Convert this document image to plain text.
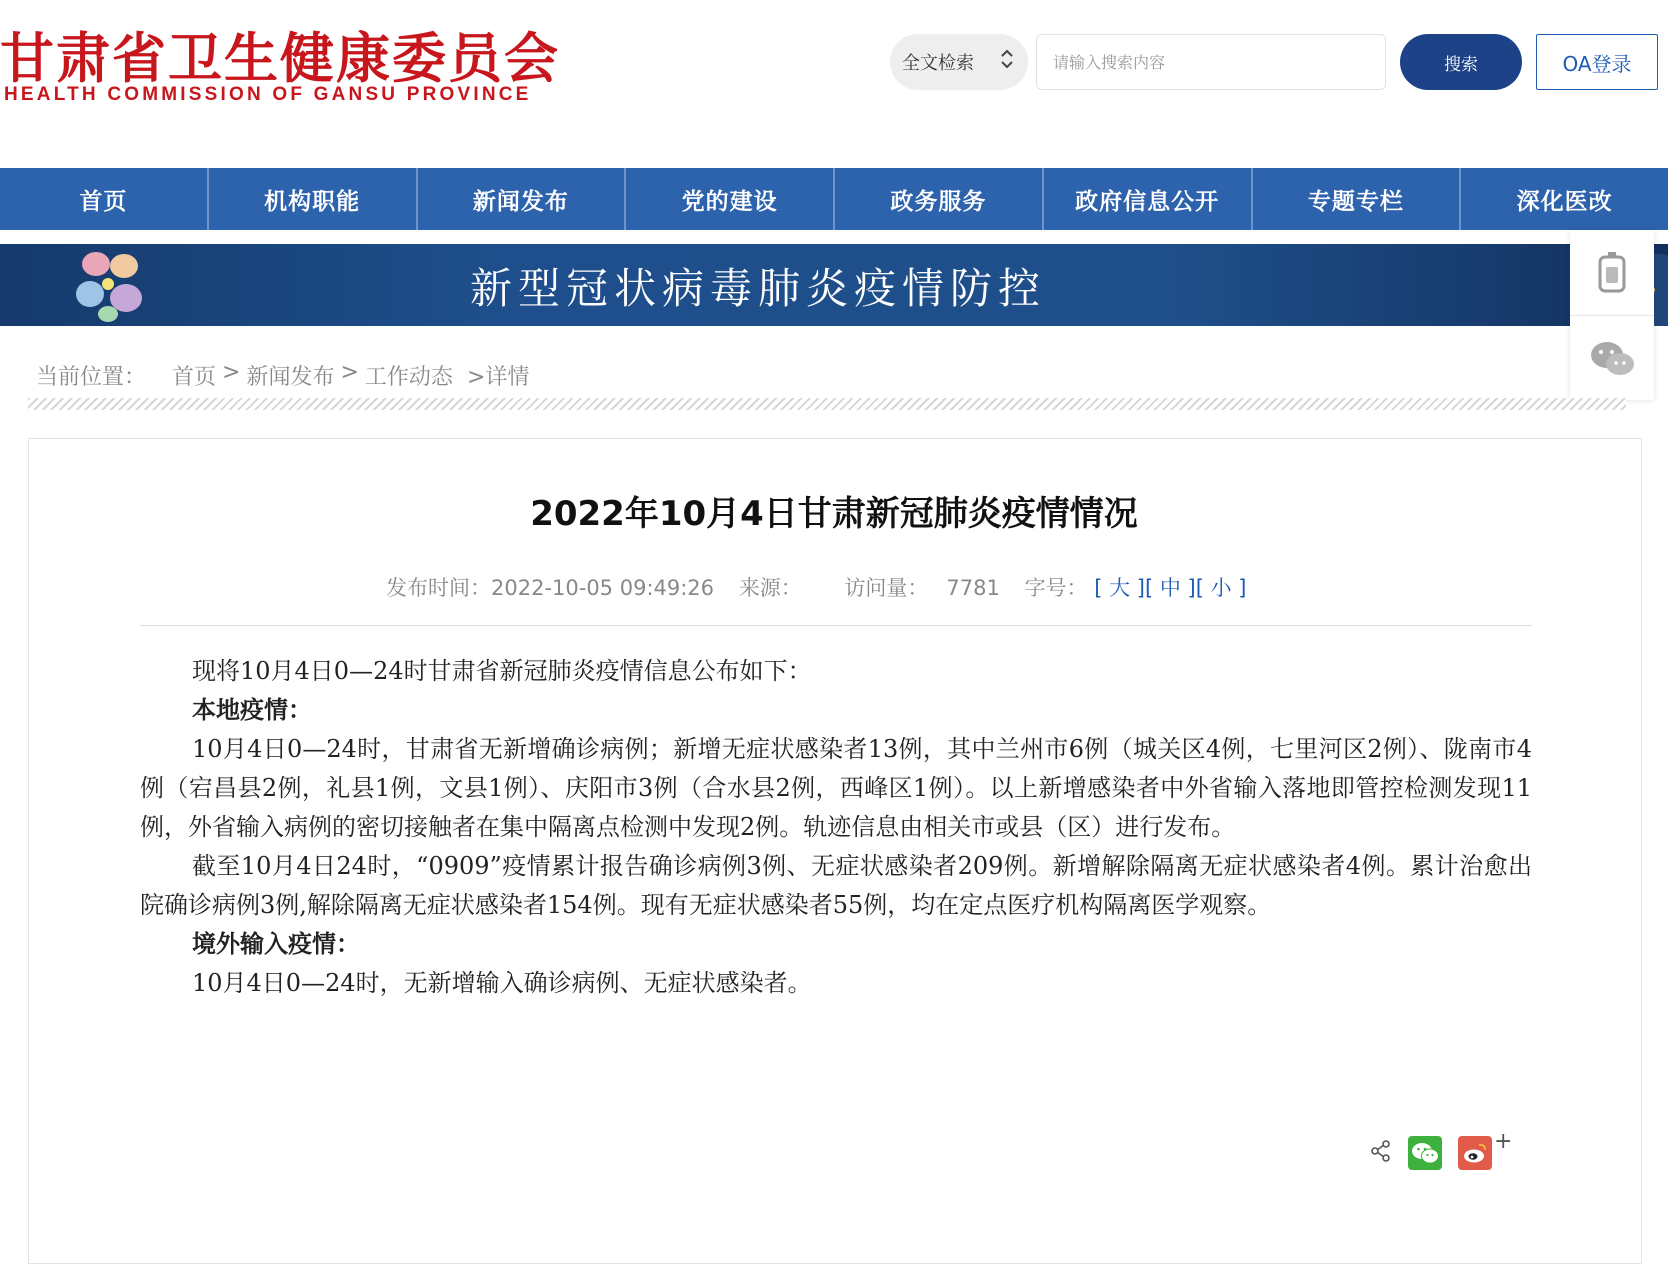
甘肃省卫生健康委员会
HEALTH COMMISSION OF GANSU PROVINCE
全文检索
请输入搜索内容	搜索	OA登录
首页	机构职能	新闻发布	党的建设	政务服务	政府信息公开	专题专栏	深化医改
新型冠状病毒肺炎疫情防控
当前位置： 首页 > 新闻发布 > 工作动态 >详情
2022年10月4日甘肃新冠肺炎疫情情况
发布时间：2022-10-05 09:49:26 来源： 访问量： 7781 字号： [ 大 ][ 中 ][ 小 ]

现将10月4日0—24时甘肃省新冠肺炎疫情信息公布如下：

本地疫情：

10月4日0—24时，甘肃省无新增确诊病例；新增无症状感染者13例，其中兰州市6例（城关区4例，七里河区2例）、陇南市4例（宕昌县2例，礼县1例，文县1例）、庆阳市3例（合水县2例，西峰区1例）。以上新增感染者中外省输入落地即管控检测发现11例，外省输入病例的密切接触者在集中隔离点检测中发现2例。轨迹信息由相关市或县（区）进行发布。

截至10月4日24时，“0909”疫情累计报告确诊病例3例、无症状感染者209例。新增解除隔离无症状感染者4例。累计治愈出院确诊病例3例,解除隔离无症状感染者154例。现有无症状感染者55例，均在定点医疗机构隔离医学观察。

境外输入疫情：

10月4日0—24时，无新增输入确诊病例、无症状感染者。

+
